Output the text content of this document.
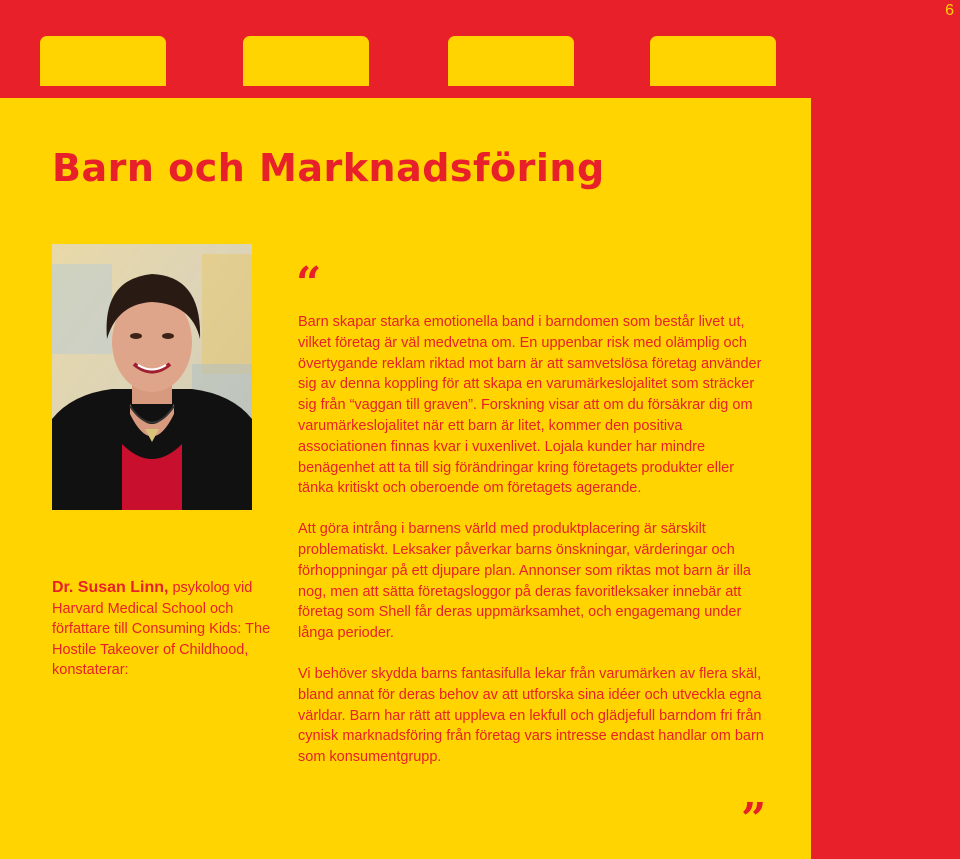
6
Barn och Marknadsföring
Dr. Susan Linn, psykolog vid Harvard Medical School och författare till Consuming Kids: The Hostile Takeover of Childhood, konstaterar:
“

Barn skapar starka emotionella band i barndomen som består livet ut, vilket företag är väl medvetna om. En uppenbar risk med olämplig och övertygande reklam riktad mot barn är att samvetslösa företag använder sig av denna koppling för att skapa en varumärkeslojalitet som sträcker sig från “vaggan till graven”. Forskning visar att om du försäkrar dig om varumärkeslojalitet när ett barn är litet, kommer den positiva associationen finnas kvar i vuxenlivet. Lojala kunder har mindre benägenhet att ta till sig förändringar kring företagets produkter eller tänka kritiskt och oberoende om företagets agerande.

Att göra intrång i barnens värld med produktplacering är särskilt problematiskt. Leksaker påverkar barns önskningar, värderingar och förhoppningar på ett djupare plan. Annonser som riktas mot barn är illa nog, men att sätta företagsloggor på deras favoritleksaker innebär att företag som Shell får deras uppmärksamhet, och engagemang under långa perioder.

Vi behöver skydda barns fantasifulla lekar från varumärken av flera skäl, bland annat för deras behov av att utforska sina idéer och utveckla egna världar. Barn har rätt att uppleva en lekfull och glädjefull barndom fri från cynisk marknadsföring från företag vars intresse endast handlar om barn som konsumentgrupp.

”
